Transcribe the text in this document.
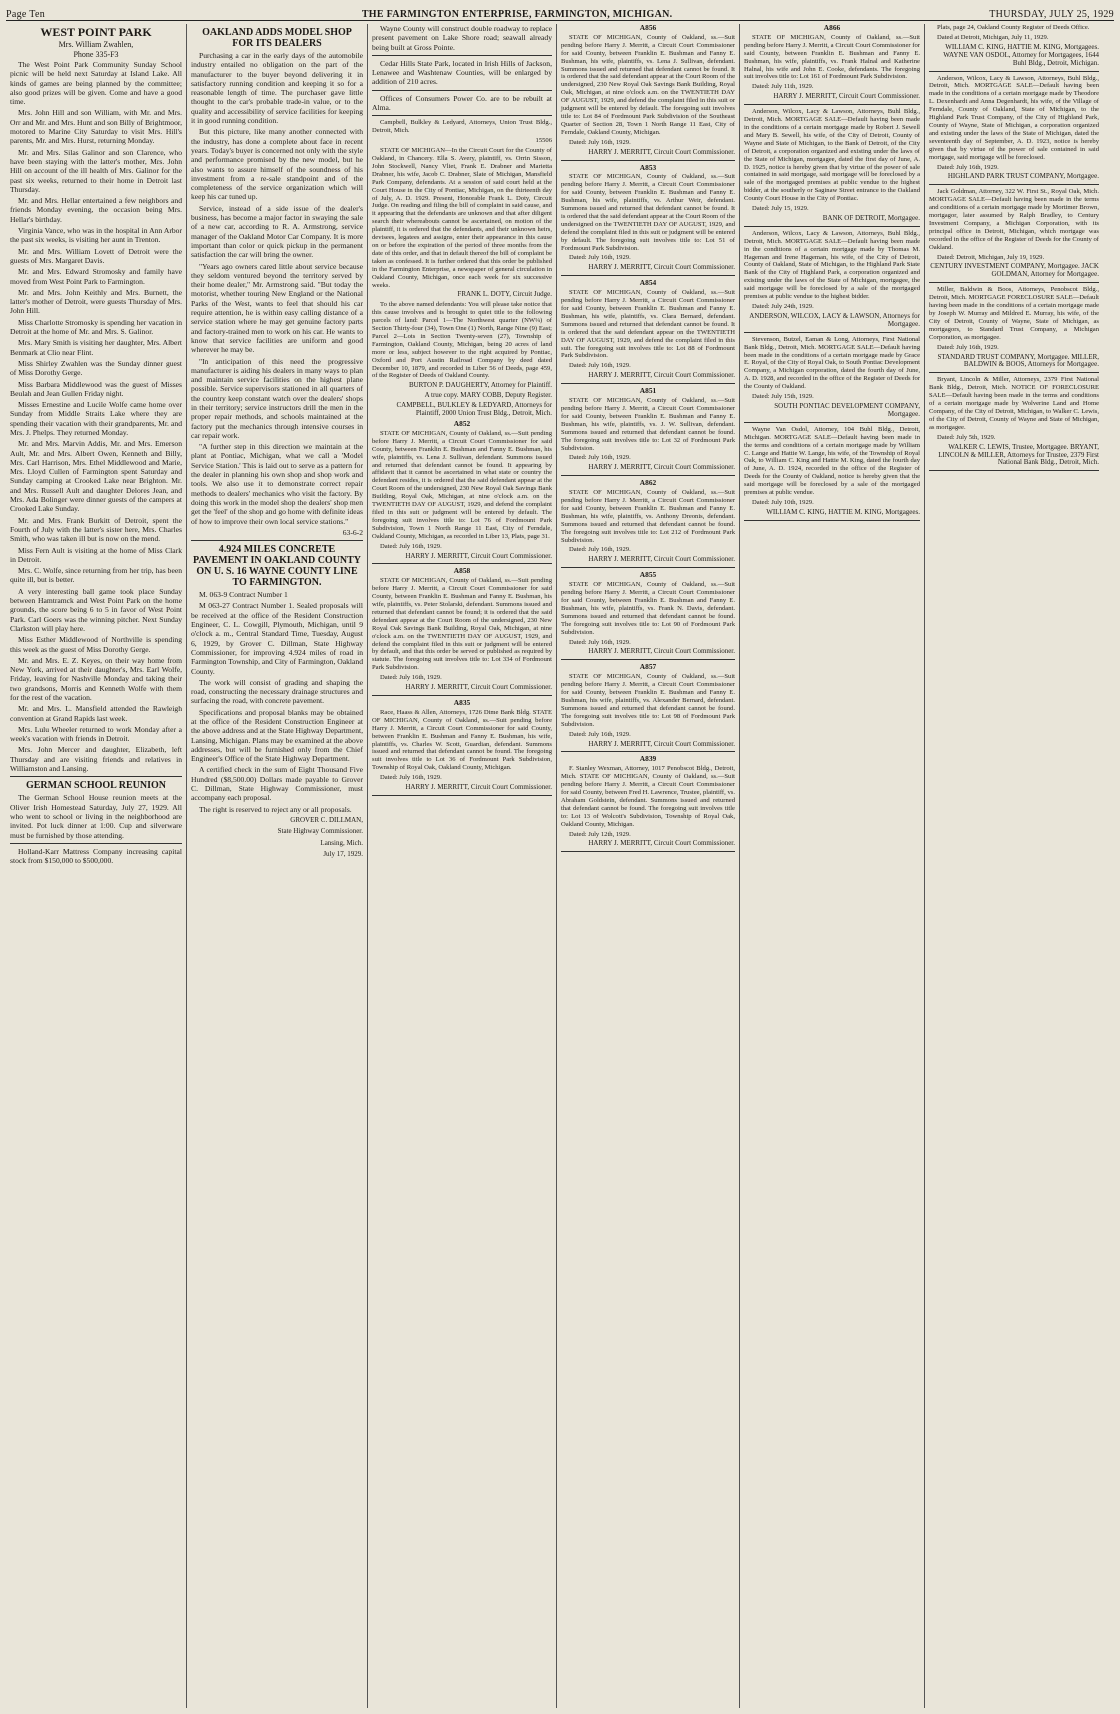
Page Ten	THE FARMINGTON ENTERPRISE, FARMINGTON, MICHIGAN.	THURSDAY, JULY 25, 1929
WEST POINT PARK
Mrs. William Zwahlen,
Phone 335-F3

The West Point Park Community Sunday School picnic will be held next Saturday at Island Lake. All kinds of games are being planned by the committee; also good prizes will be given. Come and have a good time.

Mrs. John Hill and son William, with Mr. and Mrs. Orr and Mr. and Mrs. Hunt and son Billy of Brightmoor, motored to Marine City Saturday to visit Mrs. Hill's parents, Mr. and Mrs. Hurst, returning Monday.

Mr. and Mrs. Silas Galinor and son Clarence, who have been staying with the latter's mother, Mrs. John Hill on account of the ill health of Mrs. Galinor for the past six weeks, returned to their home in Detroit last Thursday.

Mr. and Mrs. Hellar entertained a few neighbors and friends Monday evening, the occasion being Mrs. Hellar's birthday.

Virginia Vance, who was in the hospital in Ann Arbor the past six weeks, is visiting her aunt in Trenton.

Mr. and Mrs. William Lovett of Detroit were the guests of Mrs. Margaret Davis.

Mr. and Mrs. Edward Stromosky and family have moved from West Point Park to Farmington.

Mr. and Mrs. John Keithly and Mrs. Burnett, the latter's mother of Detroit, were guests Thursday of Mrs. John Hill.

Miss Charlotte Stromosky is spending her vacation in Detroit at the home of Mr. and Mrs. S. Galinor.

Mrs. Mary Smith is visiting her daughter, Mrs. Albert Benmark at Clio near Flint.

Miss Shirley Zwahlen was the Sunday dinner guest of Miss Dorothy Gerge.

Miss Barbara Middlewood was the guest of Misses Beulah and Jean Gullen Friday night.

Misses Ernestine and Lucile Wolfe came home over Sunday from Middle Straits Lake where they are spending their vacation with their grandparents, Mr. and Mrs. J. Phelps. They returned Monday.

Mr. and Mrs. Marvin Addis, Mr. and Mrs. Emerson Ault, Mr. and Mrs. Albert Owen, Kenneth and Billy, Mrs. Carl Harrison, Mrs. Ethel Middlewood and Marie, Mrs. Lloyd Cullen of Farmington spent Saturday and Sunday camping at Crooked Lake near Brighton. Mr. and Mrs. Russell Ault and daughter Delores Jean, and Mrs. Ada Bolinger were dinner guests of the campers at Crooked Lake Sunday.

Mr. and Mrs. Frank Burkitt of Detroit, spent the Fourth of July with the latter's sister here, Mrs. Charles Smith, who was taken ill but is now on the mend.

Miss Fern Ault is visiting at the home of Miss Clark in Detroit.

Mrs. C. Wolfe, since returning from her trip, has been quite ill, but is better.

A very interesting ball game took place Sunday between Hamtramck and West Point Park on the home grounds, the score being 6 to 5 in favor of West Point Park. Carl Goers was the winning pitcher. Next Sunday Clarkston will play here.

Miss Esther Middlewood of Northville is spending this week as the guest of Miss Dorothy Gerge.

Mr. and Mrs. E. Z. Keyes, on their way home from New York, arrived at their daughter's, Mrs. Earl Wolfe, Friday, leaving for Nashville Monday and taking their two grandsons, Morris and Kenneth Wolfe with them for the rest of the vacation.

Mr. and Mrs. L. Mansfield attended the Rawleigh convention at Grand Rapids last week.

Mrs. Lulu Wheeler returned to work Monday after a week's vacation with friends in Detroit.

Mrs. John Mercer and daughter, Elizabeth, left Thursday and are visiting friends and relatives in Williamston and Lansing.

GERMAN SCHOOL REUNION

The German School House reunion meets at the Oliver Irish Homestead Saturday, July 27, 1929. All who went to school or living in the neighborhood are invited. Pot luck dinner at 1:00. Cup and silverware must be furnished by those attending.

Holland-Karr Mattress Company increasing capital stock from $150,000 to $500,000.

OAKLAND ADDS MODEL SHOP FOR ITS DEALERS

Purchasing a car in the early days of the automobile industry entailed no obligation on the part of the manufacturer to the buyer beyond delivering it in satisfactory running condition and keeping it so for a reasonable length of time. The purchaser gave little thought to the car's probable trade-in value, or to the quality and accessibility of service facilities for keeping it in good running condition.

But this picture, like many another connected with the industry, has done a complete about face in recent years. Today's buyer is concerned not only with the style and performance promised by the new model, but he also wants to assure himself of the soundness of his investment from a re-sale standpoint and of the completeness of the service organization which will keep his car tuned up.

Service, instead of a side issue of the dealer's business, has become a major factor in swaying the sale of a new car, according to R. A. Armstrong, service manager of the Oakland Motor Car Company. It is more important than color or quick pickup in the permanent satisfaction the car will bring the owner.

"Years ago owners cared little about service because they seldom ventured beyond the territory served by their home dealer," Mr. Armstrong said. "But today the motorist, whether touring New England or the National Parks of the West, wants to feel that should his car require attention, he is within easy calling distance of a service station where he may get genuine factory parts and factory-trained men to work on his car. He wants to know that service facilities are uniform and good wherever he may be.

"In anticipation of this need the progressive manufacturer is aiding his dealers in many ways to plan and maintain service facilities on the highest plane possible. Service supervisors stationed in all quarters of the country keep constant watch over the dealers' shops in their territory; service instructors drill the men in the proper repair methods, and schools maintained at the factory put the mechanics through intensive courses in car repair work.

"A further step in this direction we maintain at the plant at Pontiac, Michigan, what we call a 'Model Service Station.' This is laid out to serve as a pattern for the dealer in planning his own shop and shop work and tools. We also use it to demonstrate correct repair methods to dealers' mechanics who visit the factory. By doing this work in the model shop the dealers' shop men get the 'feel' of the shop and go home with definite ideas of how to improve their own local service stations."

63-6-2

4.924 MILES CONCRETE PAVEMENT IN OAKLAND COUNTY ON U. S. 16 WAYNE COUNTY LINE TO FARMINGTON.

M. 063-9 Contract Number 1

M 063-27 Contract Number 1. Sealed proposals will be received at the office of the Resident Construction Engineer, C. L. Cowgill, Plymouth, Michigan, until 9 o'clock a. m., Central Standard Time, Tuesday, August 6, 1929, by Grover C. Dillman, State Highway Commissioner, for improving 4.924 miles of road in Farmington Township, and City of Farmington, Oakland County.

The work will consist of grading and shaping the road, constructing the necessary drainage structures and surfacing the road, with concrete pavement.

Specifications and proposal blanks may be obtained at the office of the Resident Construction Engineer at the above address and at the State Highway Department, Lansing, Michigan. Plans may be examined at the above addresses, but will be furnished only from the Chief Engineer's Office of the State Highway Department.

A certified check in the sum of Eight Thousand Five Hundred ($8,500.00) Dollars made payable to Grover C. Dillman, State Highway Commissioner, must accompany each proposal.

The right is reserved to reject any or all proposals.

GROVER C. DILLMAN,

State Highway Commissioner.

Lansing, Mich.

July 17, 1929.

Wayne County will construct double roadway to replace present pavement on Lake Shore road; seawall already being built at Gross Pointe.

Cedar Hills State Park, located in Irish Hills of Jackson, Lenawee and Washtenaw Counties, will be enlarged by addition of 210 acres.

Offices of Consumers Power Co. are to be rebuilt at Alma.

Campbell, Bulkley & Ledyard, Attorneys, Union Trust Bldg., Detroit, Mich.

15506

STATE OF MICHIGAN—In the Circuit Court for the County of Oakland, in Chancery. Ella S. Avery, plaintiff, vs. Orrin Sisson, John Stockwell, Nancy Vliet, Frank E. Drabner and Marietta Drabner, his wife, Jacob C. Drabner, Slate of Michigan, Mansfield Park Company, defendants. At a session of said court held at the Court House in the City of Pontiac, Michigan, on the thirteenth day of July, A. D. 1929. Present, Honorable Frank L. Doty, Circuit Judge. On reading and filing the bill of complaint in said cause, and it appearing that the defendants are unknown and that after diligent search their whereabouts cannot be ascertained, on motion of the plaintiff, it is ordered that the defendants, and their unknown heirs, devisees, legatees and assigns, enter their appearance in this cause on or before the expiration of the period of three months from the date of this order, and that in default thereof the bill of complaint be taken as confessed. It is further ordered that this order be published in the Farmington Enterprise, a newspaper of general circulation in Oakland County, Michigan, once each week for six successive weeks.

FRANK L. DOTY, Circuit Judge.

To the above named defendants: You will please take notice that this cause involves and is brought to quiet title to the following parcels of land: Parcel 1—The Northwest quarter (NW¼) of Section Thirty-four (34), Town One (1) North, Range Nine (9) East; Parcel 2—Lots in Section Twenty-seven (27), Township of Farmington, Oakland County, Michigan, being 20 acres of land more or less, subject however to the right acquired by Pontiac, Oxford and Port Austin Railroad Company by deed dated December 10, 1879, and recorded in Liber 56 of Deeds, page 459, of the Register of Deeds of Oakland County.

BURTON P. DAUGHERTY, Attorney for Plaintiff.

A true copy. MARY COBB, Deputy Register.

CAMPBELL, BULKLEY & LEDYARD, Attorneys for Plaintiff, 2000 Union Trust Bldg., Detroit, Mich.

A852

STATE OF MICHIGAN, County of Oakland, ss.—Suit pending before Harry J. Merritt, a Circuit Court Commissioner for said County, between Franklin E. Bushman and Fanny E. Bushman, his wife, plaintiffs, vs. Lena J. Sullivan, defendant. Summons issued and returned that defendant cannot be found. It appearing by affidavit that it cannot be ascertained in what state or country the defendant resides, it is ordered that the said defendant appear at the Court Room of the undersigned, 230 New Royal Oak Savings Bank Building, Royal Oak, Michigan, at nine o'clock a.m. on the TWENTIETH DAY OF AUGUST, 1929, and defend the complaint filed in this suit or judgment will be entered by default. The foregoing suit involves title to: Lot 76 of Fordmount Park Subdivision, Town 1 North Range 11 East, City of Ferndale, Oakland County, Michigan, as recorded in Liber 13, Plats, page 31.

Dated: July 16th, 1929.

HARRY J. MERRITT, Circuit Court Commissioner.

A858

STATE OF MICHIGAN, County of Oakland, ss.—Suit pending before Harry J. Merritt, a Circuit Court Commissioner for said County, between Franklin E. Bushman and Fanny E. Bushman, his wife, plaintiffs, vs. Peter Stolarski, defendant. Summons issued and returned that defendant cannot be found; it is ordered that the said defendant appear at the Court Room of the undersigned, 230 New Royal Oak Savings Bank Building, Royal Oak, Michigan, at nine o'clock a.m. on the TWENTIETH DAY OF AUGUST, 1929, and defend the complaint filed in this suit or judgment will be entered by default, and that this order be served or published as required by statute. The foregoing suit involves title to: Lot 334 of Fordmount Park Subdivision.

Dated: July 16th, 1929.

HARRY J. MERRITT, Circuit Court Commissioner.

A835

Race, Haass & Allen, Attorneys, 1726 Dime Bank Bldg. STATE OF MICHIGAN, County of Oakland, ss.—Suit pending before Harry J. Merritt, a Circuit Court Commissioner for said County, between Franklin E. Bushman and Fanny E. Bushman, his wife, plaintiffs, vs. Charles W. Scott, Guardian, defendant. Summons issued and returned that defendant cannot be found. The foregoing suit involves title to Lot 36 of Fordmount Park Subdivision, Township of Royal Oak, Oakland County, Michigan.

Dated: July 16th, 1929.

HARRY J. MERRITT, Circuit Court Commissioner.

A856

STATE OF MICHIGAN, County of Oakland, ss.—Suit pending before Harry J. Merritt, a Circuit Court Commissioner for said County, between Franklin E. Bushman and Fanny E. Bushman, his wife, plaintiffs, vs. Lena J. Sullivan, defendant. Summons issued and returned that defendant cannot be found. It is ordered that the said defendant appear at the Court Room of the undersigned, 230 New Royal Oak Savings Bank Building, Royal Oak, Michigan, at nine o'clock a.m. on the TWENTIETH DAY OF AUGUST, 1929, and defend the complaint filed in this suit or judgment will be entered by default. The foregoing suit involves title to: Lot 84 of Fordmount Park Subdivision of the Southeast Quarter of Section 28, Town 1 North Range 11 East, City of Ferndale, Oakland County, Michigan.

Dated: July 16th, 1929.

HARRY J. MERRITT, Circuit Court Commissioner.

A853

STATE OF MICHIGAN, County of Oakland, ss.—Suit pending before Harry J. Merritt, a Circuit Court Commissioner for said County, between Franklin E. Bushman and Fanny E. Bushman, his wife, plaintiffs, vs. Arthur Weir, defendant. Summons issued and returned that defendant cannot be found. It is ordered that the said defendant appear at the Court Room of the undersigned on the TWENTIETH DAY OF AUGUST, 1929, and defend the complaint filed in this suit or judgment will be entered by default. The foregoing suit involves title to: Lot 51 of Fordmount Park Subdivision.

Dated: July 16th, 1929.

HARRY J. MERRITT, Circuit Court Commissioner.

A854

STATE OF MICHIGAN, County of Oakland, ss.—Suit pending before Harry J. Merritt, a Circuit Court Commissioner for said County, between Franklin E. Bushman and Fanny E. Bushman, his wife, plaintiffs, vs. Clara Bernard, defendant. Summons issued and returned that defendant cannot be found. It is ordered that the said defendant appear on the TWENTIETH DAY OF AUGUST, 1929, and defend the complaint filed in this suit. The foregoing suit involves title to: Lot 88 of Fordmount Park Subdivision.

Dated: July 16th, 1929.

HARRY J. MERRITT, Circuit Court Commissioner.

A851

STATE OF MICHIGAN, County of Oakland, ss.—Suit pending before Harry J. Merritt, a Circuit Court Commissioner for said County, between Franklin E. Bushman and Fanny E. Bushman, his wife, plaintiffs, vs. J. W. Sullivan, defendant. Summons issued and returned that defendant cannot be found. The foregoing suit involves title to: Lot 32 of Fordmount Park Subdivision.

Dated: July 16th, 1929.

HARRY J. MERRITT, Circuit Court Commissioner.

A862

STATE OF MICHIGAN, County of Oakland, ss.—Suit pending before Harry J. Merritt, a Circuit Court Commissioner for said County, between Franklin E. Bushman and Fanny E. Bushman, his wife, plaintiffs, vs. Anthony Dreonis, defendant. Summons issued and returned that defendant cannot be found. The foregoing suit involves title to: Lot 212 of Fordmount Park Subdivision.

Dated: July 16th, 1929.

HARRY J. MERRITT, Circuit Court Commissioner.

A855

STATE OF MICHIGAN, County of Oakland, ss.—Suit pending before Harry J. Merritt, a Circuit Court Commissioner for said County, between Franklin E. Bushman and Fanny E. Bushman, his wife, plaintiffs, vs. Frank N. Davis, defendant. Summons issued and returned that defendant cannot be found. The foregoing suit involves title to: Lot 90 of Fordmount Park Subdivision.

Dated: July 16th, 1929.

HARRY J. MERRITT, Circuit Court Commissioner.

A857

STATE OF MICHIGAN, County of Oakland, ss.—Suit pending before Harry J. Merritt, a Circuit Court Commissioner for said County, between Franklin E. Bushman and Fanny E. Bushman, his wife, plaintiffs, vs. Alexander Bernard, defendant. Summons issued and returned that defendant cannot be found. The foregoing suit involves title to: Lot 98 of Fordmount Park Subdivision.

Dated: July 16th, 1929.

HARRY J. MERRITT, Circuit Court Commissioner.

A839

F. Stanley Wexman, Attorney, 1017 Penobscot Bldg., Detroit, Mich. STATE OF MICHIGAN, County of Oakland, ss.—Suit pending before Harry J. Merritt, a Circuit Court Commissioner for said County, between Fred H. Lawrence, Trustee, plaintiff, vs. Abraham Goldstein, defendant. Summons issued and returned that defendant cannot be found. The foregoing suit involves title to: Lot 13 of Wolcott's Subdivision, Township of Royal Oak, Oakland County, Michigan.

Dated: July 12th, 1929.

HARRY J. MERRITT, Circuit Court Commissioner.

A866

STATE OF MICHIGAN, County of Oakland, ss.—Suit pending before Harry J. Merritt, a Circuit Court Commissioner for said County, between Franklin E. Bushman and Fanny E. Bushman, his wife, plaintiffs, vs. Frank Halnal and Katherine Halnal, his wife and John E. Cooke, defendants. The foregoing suit involves title to: Lot 161 of Fordmount Park Subdivision.

Dated: July 11th, 1929.

HARRY J. MERRITT, Circuit Court Commissioner.

Anderson, Wilcox, Lacy & Lawson, Attorneys, Buhl Bldg., Detroit, Mich. MORTGAGE SALE—Default having been made in the conditions of a certain mortgage made by Robert J. Sewell and Mary B. Sewell, his wife, of the City of Detroit, County of Wayne and State of Michigan, to the Bank of Detroit, of the City of Detroit, a corporation organized and existing under the laws of the State of Michigan, mortgagee, dated the first day of June, A. D. 1925, notice is hereby given that by virtue of the power of sale contained in said mortgage, said mortgage will be foreclosed by a sale of the mortgaged premises at public vendue to the highest bidder, at the southerly or Saginaw Street entrance to the Oakland County Court House in the City of Pontiac.

Dated: July 15, 1929.

BANK OF DETROIT, Mortgagee.

Anderson, Wilcox, Lacy & Lawson, Attorneys, Buhl Bldg., Detroit, Mich. MORTGAGE SALE—Default having been made in the conditions of a certain mortgage made by Thomas M. Hageman and Irene Hageman, his wife, of the City of Detroit, County of Oakland, State of Michigan, to the Highland Park State Bank of the City of Highland Park, a corporation organized and existing under the laws of the State of Michigan, mortgagee, the said mortgage will be foreclosed by a sale of the mortgaged premises at public vendue to the highest bidder.

Dated: July 24th, 1929.

ANDERSON, WILCOX, LACY & LAWSON, Attorneys for Mortgagee.

Stevenson, Butzel, Eaman & Long, Attorneys, First National Bank Bldg., Detroit, Mich. MORTGAGE SALE—Default having been made in the conditions of a certain mortgage made by Grace E. Royal, of the City of Royal Oak, to South Pontiac Development Company, a Michigan corporation, dated the fourth day of June, A. D. 1928, and recorded in the office of the Register of Deeds for the County of Oakland.

Dated: July 15th, 1929.

SOUTH PONTIAC DEVELOPMENT COMPANY, Mortgagee.

Wayne Van Osdol, Attorney, 104 Buhl Bldg., Detroit, Michigan. MORTGAGE SALE—Default having been made in the terms and conditions of a certain mortgage made by William C. Lange and Hattie W. Lange, his wife, of the Township of Royal Oak, to William C. King and Hattie M. King, dated the fourth day of June, A. D. 1924, recorded in the office of the Register of Deeds for the County of Oakland, notice is hereby given that the said mortgage will be foreclosed by a sale of the mortgaged premises at public vendue.

Dated: July 10th, 1929.

WILLIAM C. KING, HATTIE M. KING, Mortgagees.

Plats, page 24, Oakland County Register of Deeds Office.

Dated at Detroit, Michigan, July 11, 1929.

WILLIAM C. KING, HATTIE M. KING, Mortgagees. WAYNE VAN OSDOL, Attorney for Mortgagees, 1644 Buhl Bldg., Detroit, Michigan.

Anderson, Wilcox, Lacy & Lawson, Attorneys, Buhl Bldg., Detroit, Mich. MORTGAGE SALE—Default having been made in the conditions of a certain mortgage made by Theodore L. Dexenhardt and Anna Degenhardt, his wife, of the Village of Ferndale, County of Oakland, State of Michigan, to the Highland Park Trust Company, of the City of Highland Park, County of Wayne, State of Michigan, a corporation organized and existing under the laws of the State of Michigan, dated the seventeenth day of September, A. D. 1923, notice is hereby given that by virtue of the power of sale contained in said mortgage, said mortgage will be foreclosed.

Dated: July 16th, 1929.

HIGHLAND PARK TRUST COMPANY, Mortgagee.

Jack Goldman, Attorney, 322 W. First St., Royal Oak, Mich. MORTGAGE SALE—Default having been made in the terms and conditions of a certain mortgage made by Mortimer Brown, mortgagor, later assumed by Ralph Bradley, to Century Investment Company, a Michigan Corporation, with its principal office in Detroit, Michigan, which mortgage was recorded in the office of the Register of Deeds for the County of Oakland.

Dated: Detroit, Michigan, July 19, 1929.

CENTURY INVESTMENT COMPANY, Mortgagee. JACK GOLDMAN, Attorney for Mortgagee.

Miller, Baldwin & Boos, Attorneys, Penobscot Bldg., Detroit, Mich. MORTGAGE FORECLOSURE SALE—Default having been made in the conditions of a certain mortgage made by Joseph W. Murray and Mildred E. Murray, his wife, of the City of Detroit, County of Wayne, State of Michigan, as mortgagors, to Standard Trust Company, a Michigan Corporation, as mortgagee.

Dated: July 16th, 1929.

STANDARD TRUST COMPANY, Mortgagee. MILLER, BALDWIN & BOOS, Attorneys for Mortgagee.

Bryant, Lincoln & Miller, Attorneys, 2379 First National Bank Bldg., Detroit, Mich. NOTICE OF FORECLOSURE SALE—Default having been made in the terms and conditions of a certain mortgage made by Wolverine Land and Home Company, of the City of Detroit, Michigan, to Walker C. Lewis, of the City of Detroit, County of Wayne and State of Michigan, as mortgagee.

Dated: July 5th, 1929.

WALKER C. LEWIS, Trustee, Mortgagee. BRYANT, LINCOLN & MILLER, Attorneys for Trustee, 2379 First National Bank Bldg., Detroit, Mich.
